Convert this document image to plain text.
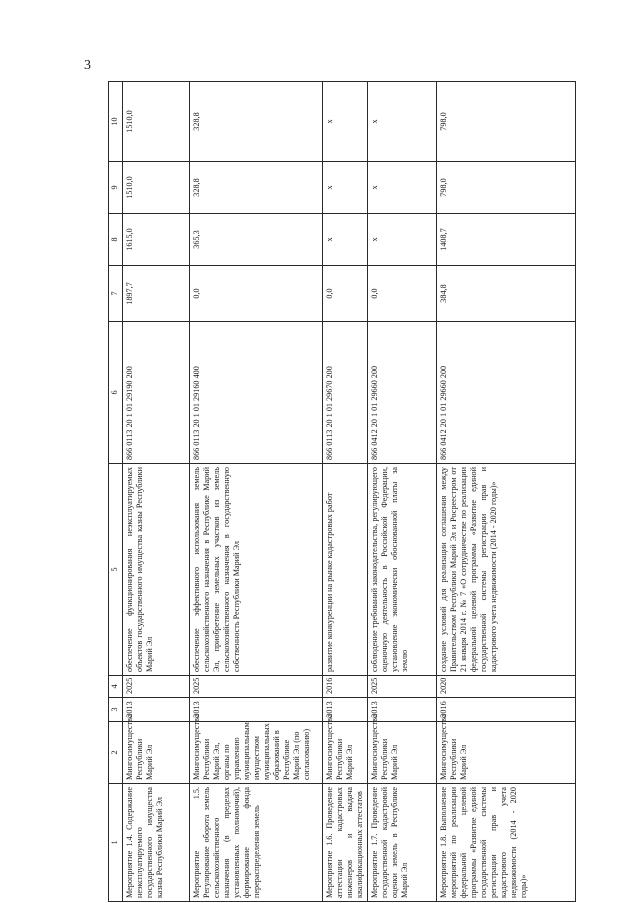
3
1	2	3	4	5	6	7	8	9	10
Мероприятие 1.4. Содержание неэксплуатируемого государственного имущества казны Республики Марий Эл	Мингосимущество Республики Марий Эл	2013	2025	обеспечение функционирования неэксплуатируемых объектов государственного имущества казны Республики Марий Эл	866 0113 20 1 01 29190 200	1897,7	1615,0	1510,0	1510,0
Мероприятие 1.5. Регулирование оборота земель сельскохозяйственного назначения (в пределах установленных полномочий), формирование фонда перераспределения земель	Мингосимущество Республики Марий Эл, органы по управлению муниципальным имуществом муниципальных образований в Республике Марий Эл (по согласованию)	2013	2025	обеспечение эффективного использования земель сельскохозяйственного назначения в Республике Марий Эл, приобретение земельных участков из земель сельскохозяйственного назначения в государственную собственность Республики Марий Эл	866 0113 20 1 01 29160 400	0,0	365,3	328,8	328,8
Мероприятие 1.6. Проведение аттестации кадастровых инженеров и выдача квалификационных аттестатов	Мингосимущество Республики Марий Эл	2013	2016	развитие конкуренции на рынке кадастровых работ	866 0113 20 1 01 29670 200	0,0	x	x	x
Мероприятие 1.7. Проведение государственной кадастровой оценки земель в Республике Марий Эл	Мингосимущество Республики Марий Эл	2013	2025	соблюдение требований законодательства, регулирующего оценочную деятельность в Российской Федерации, установление экономически обоснованной платы за землю	866 0412 20 1 01 29660 200	0,0	x	x	x
Мероприятие 1.8. Выполнение мероприятий по реализации федеральной целевой программы «Развитие единой государственной системы регистрации прав и кадастрового учета недвижимости (2014 - 2020 годы)»	Мингосимущество Республики Марий Эл	2016	2020	создание условий для реализации соглашения между Правительством Республики Марий Эл и Росреестром от 21 января 2014 г. № 7 «О сотрудничестве по реализации федеральной целевой программы «Развитие единой государственной системы регистрации прав и кадастрового учета недвижимости (2014 - 2020 годы)»	866 0412 20 1 01 29660 200	384,8	1408,7	798,0	798,0
